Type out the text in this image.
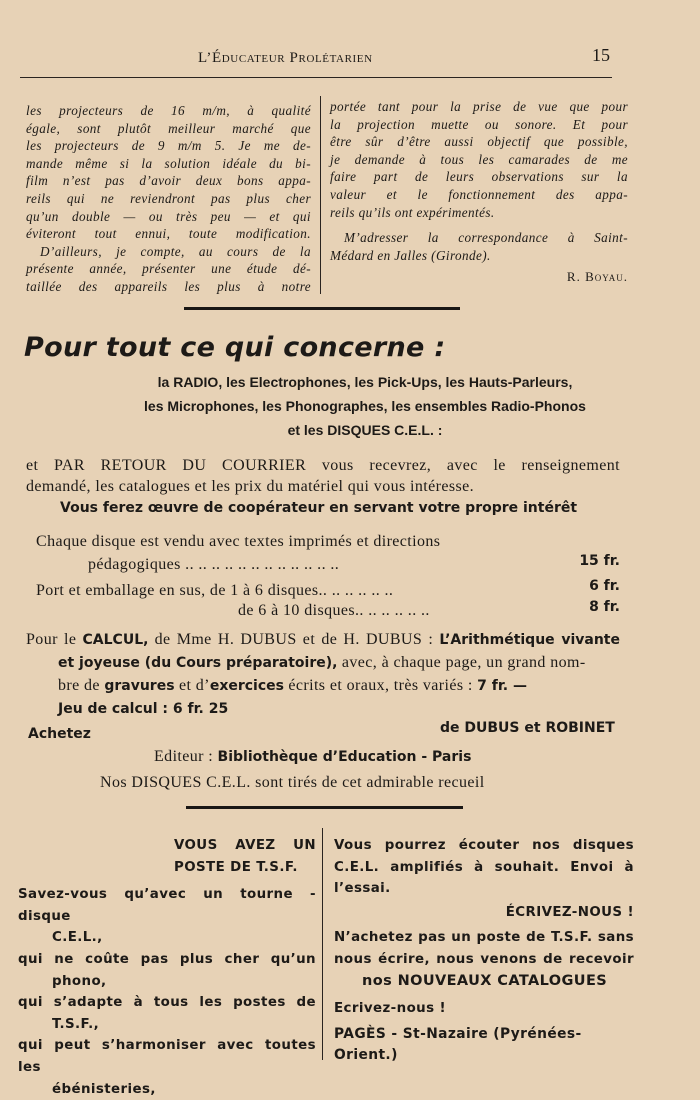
L’Éducateur Prolétarien	15

les projecteurs de 16 m/m, à qualité

égale, sont plutôt meilleur marché que

les projecteurs de 9 m/m 5. Je me de-

mande même si la solution idéale du bi-

film n’est pas d’avoir deux bons appa-

reils qui ne reviendront pas plus cher

qu’un double — ou très peu — et qui

éviteront tout ennui, toute modification.

D’ailleurs, je compte, au cours de la

présente année, présenter une étude dé-

taillée des appareils les plus à notre

portée tant pour la prise de vue que pour

la projection muette ou sonore. Et pour

être sûr d’être aussi objectif que possible,

je demande à tous les camarades de me

faire part de leurs observations sur la

valeur et le fonctionnement des appa-

reils qu’ils ont expérimentés.

M’adresser la correspondance à Saint-

Médard en Jalles (Gironde).

R. Boyau.
Pour tout ce qui concerne :
la RADIO, les Electrophones, les Pick-Ups, les Hauts-Parleurs,
les Microphones, les Phonographes, les ensembles Radio-Phonos
et les DISQUES C.E.L. :
et PAR RETOUR DU COURRIER vous recevrez, avec le renseignement
demandé, les catalogues et les prix du matériel qui vous intéresse.
Vous ferez œuvre de coopérateur en servant votre propre intérêt
Chaque disque est vendu avec textes imprimés et directions
pédagogiques .. .. .. .. .. .. .. .. .. .. .. ..	15 fr.
Port et emballage en sus, de 1 à 6 disques.. .. .. .. .. ..	6 fr.
de 6 à 10 disques.. .. .. .. .. ..	8 fr.

Pour le CALCUL, de Mme H. DUBUS et de H. DUBUS : L’Arithmétique vivante

et joyeuse (du Cours préparatoire), avec, à chaque page, un grand nom-

bre de gravures et d’exercices écrits et oraux, très variés : 7 fr. —

Jeu de calcul : 6 fr. 25

Achetez	de DUBUS et ROBINET
Editeur : Bibliothèque d’Education - Paris
Nos DISQUES C.E.L. sont tirés de cet admirable recueil
VOUS AVEZ UN
POSTE DE T.S.F.
Savez-vous qu’avec un tourne - disque
C.E.L.,
qui ne coûte pas plus cher qu’un
phono,
qui s’adapte à tous les postes de
T.S.F.,
qui peut s’harmoniser avec toutes les
ébénisteries,
Vous pourrez écouter nos disques
C.E.L. amplifiés à souhait. Envoi à
l’essai.
ÉCRIVEZ-NOUS !
N’achetez pas un poste de T.S.F. sans
nous écrire, nous venons de recevoir
nos NOUVEAUX CATALOGUES
Ecrivez-nous !
PAGÈS - St-Nazaire (Pyrénées-Orient.)
